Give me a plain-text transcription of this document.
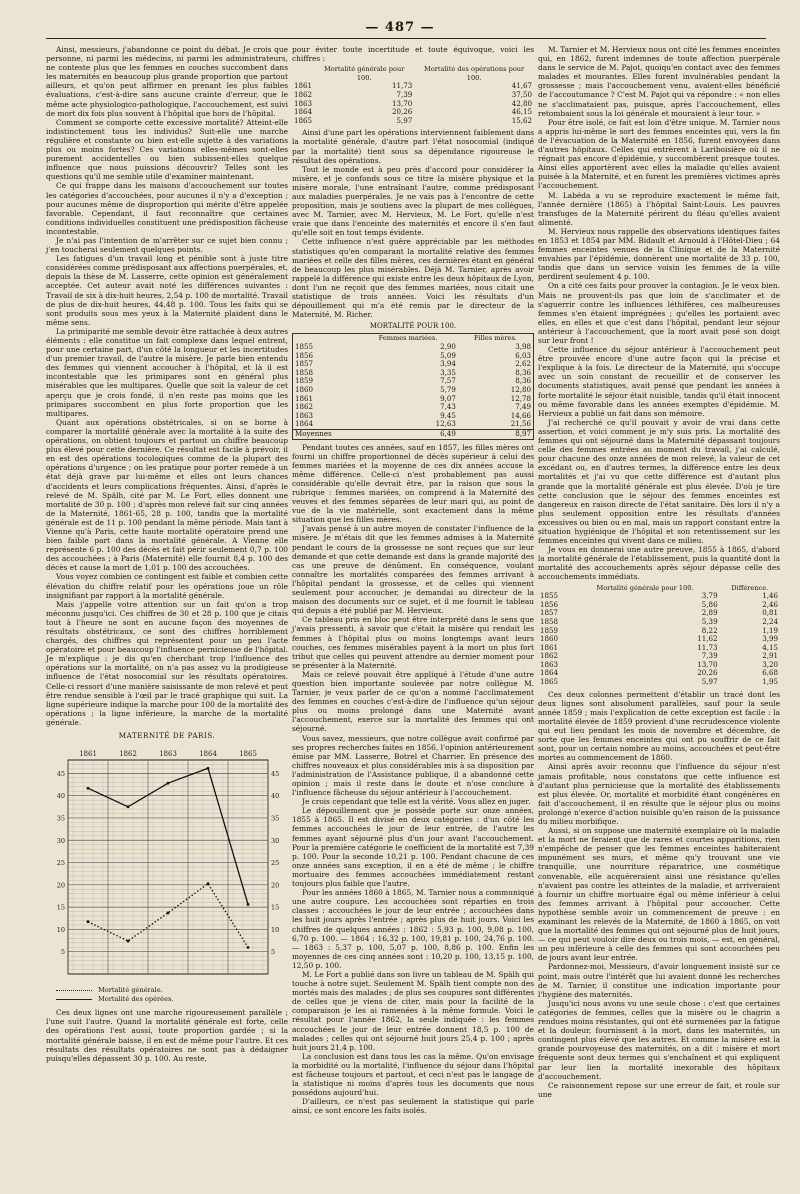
— 487 —

Ainsi, messieurs, j'abandonne ce point du débat. Je crois que personne, ni parmi les médecins, ni parmi les administrateurs, ne conteste plus que les femmes en couches succombent dans les maternités en beaucoup plus grande proportion que partout ailleurs, et qu'on peut affirmer en prenant les plus faibles évaluations, c'est-à-dire sans aucune crainte d'erreur, que le même acte physiologico-pathologique, l'accouchement, est suivi de mort dix fois plus souvent à l'hôpital que hors de l'hôpital.

Comment se comporte cette excessive mortalité? Atteint-elle indistinctement tous les individus? Suit-elle une marche régulière et constante ou bien est-elle sujette à des variations plus ou moins fortes? Ces variations elles-mêmes sont-elles purement accidentelles ou bien subissent-elles quelque influence que nous puissions découvrir? Telles sont les questions qu'il me semble utile d'examiner maintenant.

Ce qui frappe dans les maisons d'accouchement sur toutes les catégories d'accouchées, pour aucunes il n'y a d'exception ; pour aucunes même de disproportion qui mérite d'être appelée favorable. Cependant, il faut reconnaître que certaines conditions individuelles constituent une prédisposition fâcheuse incontestable.

Je n'ai pas l'intention de m'arrêter sur ce sujet bien connu ; j'en toucherai seulement quelques points.

Les fatigues d'un travail long et pénible sont à juste titre considérées comme prédisposant aux affections puerpérales, et, depuis la thèse de M. Lasserre, cette opinion est généralement acceptée. Cet auteur avait noté les différences suivantes : Travail de six à dix-huit heures, 2,54 p. 100 de mortalité. Travail de plus de dix-huit heures, 44,48 p. 100. Tous les faits qui se sont produits sous mes yeux à la Maternité plaident dans le même sens.

La primiparité me semble devoir être rattachée à deux autres éléments : elle constitue un fait complexe dans lequel entrent, pour une certaine part, d'un côté la longueur et les incertitudes d'un premier travail, de l'autre la misère. Je parle bien entendu des femmes qui viennent accoucher à l'hôpital, et là il est incontestable que les primipares sont en général plus misérables que les multipares. Quelle que soit la valeur de cet aperçu que je crois fondé, il n'en reste pas moins que les primipares succombent en plus forte proportion que les multipares.

Quant aux opérations obstétricales, si on se borne à comparer la mortalité générale avec la mortalité à la suite des opérations, on obtient toujours et partout un chiffre beaucoup plus élevé pour cette dernière. Ce résultat est facile à prévoir, il en est des opérations tocologiques comme de la plupart des opérations d'urgence ; on les pratique pour porter remède à un état déjà grave par lui-même et elles ont leurs chances d'accidents et leurs complications fréquentes. Ainsi, d'après le relevé de M. Spälh, cité par M. Le Fort, elles donnent une mortalité de 30 p. 100 ; d'après mon relevé fait sur cinq années de la Maternité, 1861-65, 28 p. 100, tandis que la mortalité générale est de 11 p. 100 pendant la même période. Mais tant à Vienne qu'à Paris, cette haute mortalité opératoire prend une bien faible part dans la mortalité générale. A Vienne elle représente 6 p. 100 des décès et fait périr seulement 0,7 p. 100 des accouchées ; à Paris (Maternité) elle fournit 8,4 p. 100 des décès et cause la mort de 1,01 p. 100 des accouchées.

Vous voyez combien ce contingent est faible et combien cette élévation du chiffre relatif pour les opérations joue un rôle insignifiant par rapport à la mortalité générale.

Mais j'appelle votre attention sur un fait qu'on a trop méconnu jusqu'ici. Ces chiffres de 30 et 28 p. 100 que je citais tout à l'heure ne sont en aucune façon des moyennes de résultats obstétricaux, ce sont des chiffres horriblement chargés, des chiffres qui représentent pour un peu l'acte opératoire et pour beaucoup l'influence pernicieuse de l'hôpital. Je m'explique : je dis qu'en cherchant trop l'influence des opérations sur la mortalité, on n'a pas assez vu la prodigieuse influence de l'état nosocomial sur les résultats opératoires. Celle-ci ressort d'une manière saisissante de mon relevé et peut être rendue sensible à l'œil par le tracé graphique qui suit. La ligne supérieure indique la marche pour 100 de la mortalité des opérations ; la ligne inférieure, la marche de la mortalité générale.

MATERNITÉ DE PARIS.
1861	1862	1863	1864	1865
45	45
40	40
35	35
30	30
25	25
20	20
15	15
10	10
5	5
Mortalité générale.
Mortalité des opérées.

Ces deux lignes ont une marche rigoureusement parallèle ; l'une suit l'autre. Quand la mortalité générale est forte, celle des opérations l'est aussi, toute proportion gardée ; si la mortalité générale baisse, il en est de même pour l'autre. Et ces résultats des résultats opératoires ne sont pas à dédaigner puisqu'elles dépassent 30 p. 100. Au reste,

pour éviter toute incertitude et toute équivoque, voici les chiffres :

	Mortalité générale pour 100.	Mortalité des opérations pour 100.
1861	11,73	41,67
1862	7,39	37,50
1863	13,70	42,80
1864	20,26	46,15
1865	5,97	15,62

Ainsi d'une part les opérations interviennent faiblement dans la mortalité générale, d'autre part l'état nosocomial (indiqué par la mortalité) tient sous sa dépendance rigoureuse le résultat des opérations.

Tout le monde est à peu près d'accord pour considérer la misère, et je confonds sous ce titre la misère physique et la misère morale, l'une entraînant l'autre, comme prédisposant aux maladies puerpérales. Je ne vais pas à l'encontre de cette proposition, mais je soutiens avec la plupart de mes collègues, avec M. Tarnier, avec M. Hervieux, M. Le Fort, qu'elle n'est vraie que dans l'enceinte des maternités et encore il s'en faut qu'elle soit en tout temps évidente.

Cette influence n'est guère appréciable par les méthodes statistiques qu'en comparant la mortalité relative des femmes mariées et celle des filles mères, ces dernières étant en général de beaucoup les plus misérables. Déjà M. Tarnier, après avoir rappelé la différence qui existe entre les deux hôpitaux de Lyon, dont l'un ne reçoit que des femmes mariées, nous citait une statistique de trois années. Voici les résultats d'un dépouillement qui m'a été remis par le directeur de la Maternité, M. Richer.

MORTALITÉ POUR 100.
	Femmes mariées.	Filles mères.
1855	2,90	3,98
1856	5,09	6,03
1857	3,94	2,62
1858	3,35	8,36
1859	7,57	8,36
1860	5,79	12,80
1861	9,07	12,78
1862	7,43	7,49
1863	9,45	14,66
1864	12,63	21,56
Moyennes	6,49	8,97

Pendant toutes ces années, sauf en 1857, les filles mères ont fourni un chiffre proportionnel de décès supérieur à celui des femmes mariées et la moyenne de ces dix années accuse la même différence. Celle-ci n'est probablement pas aussi considérable qu'elle devrait être, par la raison que sous la rubrique : femmes mariées, on comprend à la Maternité des veuves et des femmes séparées de leur mari qui, au point de vue de la vie matérielle, sont exactement dans la même situation que les filles mères.

J'avais pensé à un autre moyen de constater l'influence de la misère. Je m'étais dit que les femmes admises à la Maternité pendant le cours de la grossesse ne sont reçues que sur leur demande et que cette demande est dans la grande majorité des cas une preuve de dénûment. En conséquence, voulant connaître les mortalités comparées des femmes arrivant à l'hôpital pendant la grossesse, et de celles qui viennent seulement pour accoucher, je demandai au directeur de la maison des documents sur ce sujet, et il me fournit le tableau qui depuis a été publié par M. Hervieux.

Ce tableau pris en bloc peut être interprété dans le sens que j'avais pressenti, à savoir que c'était la misère qui rendait les femmes à l'hôpital plus ou moins longtemps avant leurs couches, ces femmes misérables payent à la mort un plus fort tribut que celles qui peuvent attendre au dernier moment pour se présenter à la Maternité.

Mais ce relevé pouvait être appliqué à l'étude d'une autre question bien importante soulevée par notre collègue M. Tarnier, je veux parler de ce qu'on a nommé l'acclimatement des femmes en couches c'est-à-dire de l'influence qu'un séjour plus ou moins prolongé dans une Maternité avant l'accouchement, exerce sur la mortalité des femmes qui ont séjourné.

Vous savez, messieurs, que notre collègue avait confirmé par ses propres recherches faites en 1856, l'opinion antérieurement émise par MM. Lasserre, Botrel et Charrier. En présence des chiffres nouveaux et plus considérables mis à sa disposition par l'administration de l'Assistance publique, il a abandonné cette opinion ; mais il reste dans le doute et n'ose conclure à l'influence fâcheuse du séjour antérieur à l'accouchement.

Je crois cependant que telle est la vérité. Vous allez en juger.

Le dépouillement que je possède porte sur onze années, 1855 à 1865. Il est divisé en deux catégories : d'un côté les femmes accouchées le jour de leur entrée, de l'autre les femmes ayant séjourné plus d'un jour avant l'accouchement. Pour la première catégorie le coefficient de la mortalité est 7,39 p. 100. Pour la seconde 10,21 p. 100. Pendant chacune de ces onze années sans exception, il en a été de même ; le chiffre mortuaire des femmes accouchées immédiatement restant toujours plus faible que l'autre.

Pour les années 1860 à 1865, M. Tarnier nous a communiqué une autre coupure. Les accouchées sont réparties en trois classes : accouchées le jour de leur entrée ; accouchées dans les huit jours après l'entrée ; après plus de huit jours. Voici les chiffres de quelques années : 1862 : 5,93 p. 100, 9,08 p. 100, 6,70 p. 100. — 1864 : 16,32 p. 100, 19,81 p. 100, 24,76 p. 100. — 1863 : 5,37 p. 100, 5,07 p. 100, 8,86 p. 100. Enfin les moyennes de ces cinq années sont : 10,20 p. 100, 13,15 p. 100, 12,50 p. 100.

M. Le Fort a publié dans son livre un tableau de M. Spälh qui touche à notre sujet. Seulement M. Spälh tient compte non des mortés mais des malades ; de plus ses coupures sont différentes de celles que je viens de citer, mais pour la facilité de la comparaison je les ai ramenées à la même formule. Voici le résultat pour l'année 1862, la seule indiquée : les femmes accouchées le jour de leur entrée donnent 18,5 p. 100 de malades ; celles qui ont séjourné huit jours 25,4 p. 100 ; après huit jours 21,4 p. 100.

La conclusion est dans tous les cas la même. Qu'on envisage la morbidité ou la mortalité, l'influence du séjour dans l'hôpital est fâcheuse toujours et partout, et ceci n'est pas le langage de la statistique ni moins d'après tous les documents que nous possédons aujourd'hui.

D'ailleurs, ce n'est pas seulement la statistique qui parle ainsi, ce sont encore les faits isolés.

M. Tarnier et M. Hervieux nous ont cité les femmes enceintes qui, en 1862, furent indemnes de toute affection puerpérale dans le service de M. Pajot, quoiqu'en contact avec des femmes malades et mourantes. Elles furent invulnérables pendant la grossesse ; mais l'accouchement venu, avaient-elles bénéficié de l'accoutumance ? C'est M. Pajot qui va répondre : « non elles ne s'acclimataient pas, puisque, après l'accouchement, elles retombaient sous la loi générale et mouraient à leur tour. »

Pour être isolé, ce fait est loin d'être unique. M. Tarnier nous a appris lui-même le sort des femmes enceintes qui, vers la fin de l'évacuation de la Maternité en 1856, furent envoyées dans d'autres hôpitaux. Celles qui entrèrent à Lariboisière où il ne régnait pas encore d'épidémie, y succombèrent presque toutes. Ainsi elles apportèrent avec elles la maladie qu'elles avaient puisée à la Maternité, et en furent les premières victimes après l'accouchement.

M. Labéda a vu se reproduire exactement le même fait, l'année dernière (1865) à l'hôpital Saint-Louis. Les pauvres transfuges de la Maternité périrent du fléau qu'elles avaient alimenté.

M. Hervieux nous rappelle des observations identiques faites en 1853 et 1854 par MM. Bidault et Arnould à l'Hôtel-Dieu ; 64 femmes enceintes venues de la Clinique et de la Maternité envahies par l'épidémie, donnèrent une mortalité de 33 p. 100, tandis que dans un service voisin les femmes de la ville perdirent seulement 4 p. 100.

On a cité ces faits pour prouver la contagion. Je le veux bien. Mais ne prouvent-ils pas que loin de s'acclimater et de s'aguerrir contre les influences léthifères, ces malheureuses femmes s'en étaient imprégnées ; qu'elles les portaient avec elles, en elles et que c'est dans l'hôpital, pendant leur séjour antérieur à l'accouchement, que la mort avait posé son doigt sur leur front !

Cette influence du séjour antérieur à l'accouchement peut être prouvée encore d'une autre façon qui la précise et l'explique à la fois. Le directeur de la Maternité, qui s'occupe avec un soin constant de recueillir et de conserver les documents statistiques, avait pensé que pendant les années à forte mortalité le séjour était nuisible, tandis qu'il était innocent ou même favorable dans les années exemptes d'épidémie. M. Hervieux a publié un fait dans son mémoire.

J'ai recherché ce qu'il pouvait y avoir de vrai dans cette assertion, et voici comment je m'y suis pris. La mortalité des femmes qui ont séjourné dans la Maternité dépassant toujours celle des femmes entrées au moment du travail, j'ai calculé, pour chacune des onze années de mon relevé, la valeur de cet excédant ou, en d'autres termes, la différence entre les deux mortalités et j'ai vu que cette différence est d'autant plus grande que la mortalité générale est plus élevée. D'où je tire cette conclusion que le séjour des femmes enceintes est dangereux en raison directe de l'état sanitaire. Dès lors il n'y a plus seulement opposition entre les résultats d'années excessives ou bien ou en mal, mais un rapport constant entre la situation hygiénique de l'hôpital et son retentissement sur les femmes enceintes qui vivent dans ce milieu.

Je vous en donnerai une autre preuve, 1855 à 1865, d'abord la mortalité générale de l'établissement, puis la quantité dont la mortalité des accouchements après séjour dépasse celle des accouchements immédiats.

	Mortalité générale pour 100.	Différence.
1855	3,79	1,46
1856	5,86	2,46
1857	2,89	0,81
1858	5,39	2,24
1859	8,22	1,19
1860	11,62	3,99
1861	11,73	4,15
1862	7,39	2,91
1863	13,70	3,20
1864	20,26	6,68
1865	5,97	1,95

Ces deux colonnes permettent d'établir un tracé dont les deux lignes sont absolument parallèles, sauf pour la seule année 1859 ; mais l'explication de cette exception est facile : la mortalité élevée de 1859 provient d'une recrudescence violente qui eut lieu pendant les mois de novembre et décembre, de sorte que les femmes enceintes qui ont pu souffrir de ce fait sont, pour un certain nombre au moins, accouchées et peut-être mortes au commencement de 1860.

Ainsi après avoir reconnu que l'influence du séjour n'est jamais profitable, nous constatons que cette influence est d'autant plus pernicieuse que la mortalité des établissements est plus élevée. Or, mortalité et morbidité étant congénères en fait d'accouchement, il en résulte que le séjour plus ou moins prolongé n'exerce d'action nuisible qu'en raison de la puissance du milieu morbifique.

Aussi, si on suppose une maternité exemplaire où la maladie et la mort ne feraient que de rares et courtes apparitions, rien n'empêche de penser que les femmes enceintes habiteraient impunément ses murs, et même qu'y trouvant une vie tranquille, une nourriture réparatrice, une cosmétique convenable, elle acquéreraient ainsi une résistance qu'elles n'avaient pas contre les atteintes de la maladie, et arriveraient à fournir un chiffre mortuaire égal ou même inférieur à celui des femmes arrivant à l'hôpital pour accoucher. Cette hypothèse semble avoir un commencement de preuve : en examinant les relevés de la Maternité, de 1860 à 1865, on voit que la mortalité des femmes qui ont séjourné plus de huit jours, — ce qui peut vouloir dire deux ou trois mois, — est, en général, un peu inférieure à celle des femmes qui sont accouchées peu de jours avant leur entrée.

Pardonnez-moi, Messieurs, d'avoir longuement insisté sur ce point, mais outre l'intérêt que lui avaient donné les recherches de M. Tarnier, il constitue une indication importante pour l'hygiène des maternités.

Jusqu'ici nous avons vu une seule chose : c'est que certaines catégories de femmes, celles que la misère ou le chagrin a rendues moins résistantes, qui ont été surmenées par la fatigue et la douleur, fournissent à la mort, dans les maternités, un contingent plus élevé que les autres. Et comme la misère est la grande pourvoyeuse des maternités, on a dit : misère et mort fréquente sont deux termes qui s'enchaînent et qui expliquent par leur lien la mortalité inexorable des hôpitaux d'accouchement.

Ce raisonnement repose sur une erreur de fait, et roule sur une
